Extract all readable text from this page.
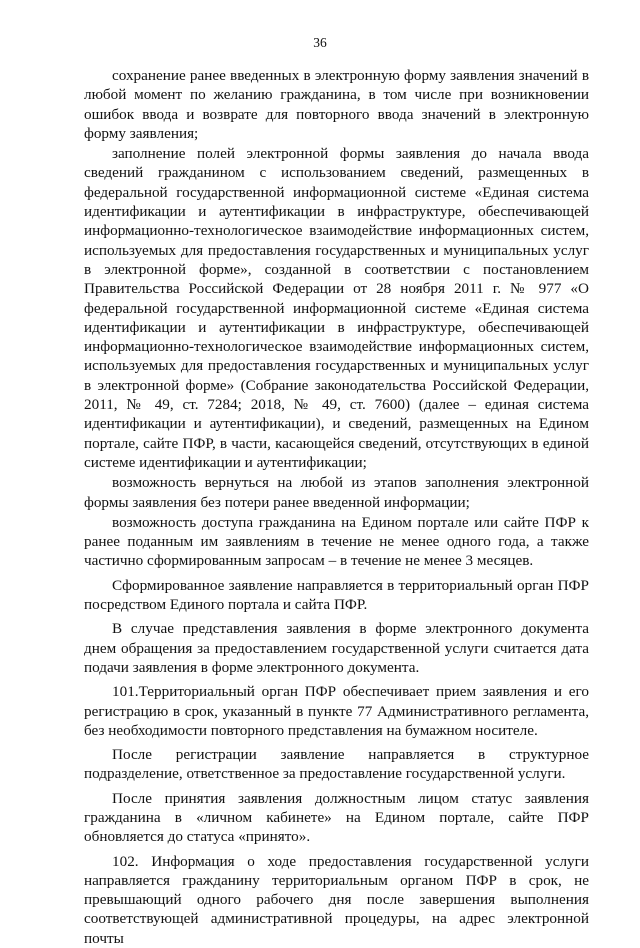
36

сохранение ранее введенных в электронную форму заявления значений в любой момент по желанию гражданина, в том числе при возникновении ошибок ввода и возврате для повторного ввода значений в электронную форму заявления;

заполнение полей электронной формы заявления до начала ввода сведений гражданином с использованием сведений, размещенных в федеральной государственной информационной системе «Единая система идентификации и аутентификации в инфраструктуре, обеспечивающей информационно-технологическое взаимодействие информационных систем, используемых для предоставления государственных и муниципальных услуг в электронной форме», созданной в соответствии с постановлением Правительства Российской Федерации от 28 ноября 2011 г. № 977 «О федеральной государственной информационной системе «Единая система идентификации и аутентификации в инфраструктуре, обеспечивающей информационно-технологическое взаимодействие информационных систем, используемых для предоставления государственных и муниципальных услуг в электронной форме» (Собрание законодательства Российской Федерации, 2011, № 49, ст. 7284; 2018, № 49, ст. 7600) (далее – единая система идентификации и аутентификации), и сведений, размещенных на Едином портале, сайте ПФР, в части, касающейся сведений, отсутствующих в единой системе идентификации и аутентификации;

возможность вернуться на любой из этапов заполнения электронной формы заявления без потери ранее введенной информации;

возможность доступа гражданина на Едином портале или сайте ПФР к ранее поданным им заявлениям в течение не менее одного года, а также частично сформированным запросам – в течение не менее 3 месяцев.

Сформированное заявление направляется в территориальный орган ПФР посредством Единого портала и сайта ПФР.

В случае представления заявления в форме электронного документа днем обращения за предоставлением государственной услуги считается дата подачи заявления в форме электронного документа.

101.Территориальный орган ПФР обеспечивает прием заявления и его регистрацию в срок, указанный в пункте 77 Административного регламента, без необходимости повторного представления на бумажном носителе.

После регистрации заявление направляется в структурное подразделение, ответственное за предоставление государственной услуги.

После принятия заявления должностным лицом статус заявления гражданина в «личном кабинете» на Едином портале, сайте ПФР обновляется до статуса «принято».

102. Информация о ходе предоставления государственной услуги направляется гражданину территориальным органом ПФР в срок, не превышающий одного рабочего дня после завершения выполнения соответствующей административной процедуры, на адрес электронной почты
